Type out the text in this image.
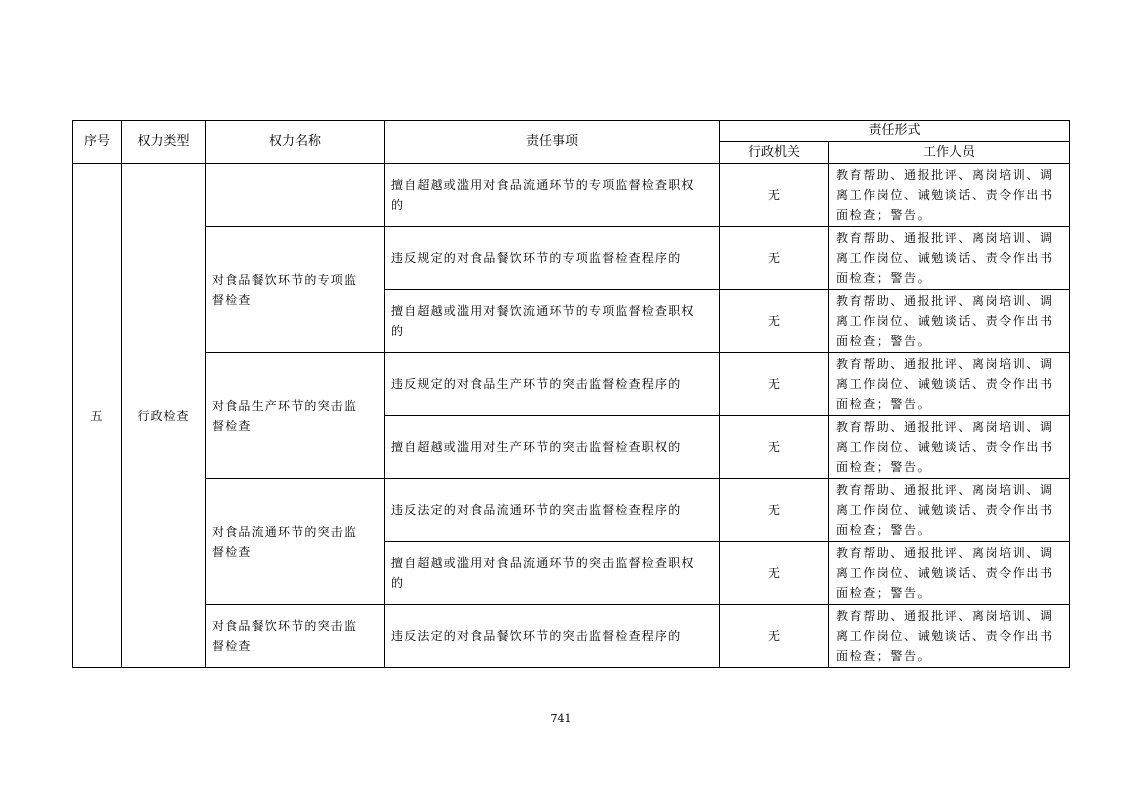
序号	权力类型	权力名称	责任事项	责任形式	
				行政机关	工作人员
五	行政检查		擅自超越或滥用对食品流通环节的专项监督检查职权的	无	教育帮助、通报批评、离岗培训、调离工作岗位、诫勉谈话、责令作出书面检查；警告。
		对食品餐饮环节的专项监督检查	违反规定的对食品餐饮环节的专项监督检查程序的	无	教育帮助、通报批评、离岗培训、调离工作岗位、诫勉谈话、责令作出书面检查；警告。
			擅自超越或滥用对餐饮流通环节的专项监督检查职权的	无	教育帮助、通报批评、离岗培训、调离工作岗位、诫勉谈话、责令作出书面检查；警告。
		对食品生产环节的突击监督检查	违反规定的对食品生产环节的突击监督检查程序的	无	教育帮助、通报批评、离岗培训、调离工作岗位、诫勉谈话、责令作出书面检查；警告。
			擅自超越或滥用对生产环节的突击监督检查职权的	无	教育帮助、通报批评、离岗培训、调离工作岗位、诫勉谈话、责令作出书面检查；警告。
		对食品流通环节的突击监督检查	违反法定的对食品流通环节的突击监督检查程序的	无	教育帮助、通报批评、离岗培训、调离工作岗位、诫勉谈话、责令作出书面检查；警告。
			擅自超越或滥用对食品流通环节的突击监督检查职权的	无	教育帮助、通报批评、离岗培训、调离工作岗位、诫勉谈话、责令作出书面检查；警告。
		对食品餐饮环节的突击监督检查	违反法定的对食品餐饮环节的突击监督检查程序的	无	教育帮助、通报批评、离岗培训、调离工作岗位、诫勉谈话、责令作出书面检查；警告。
741
